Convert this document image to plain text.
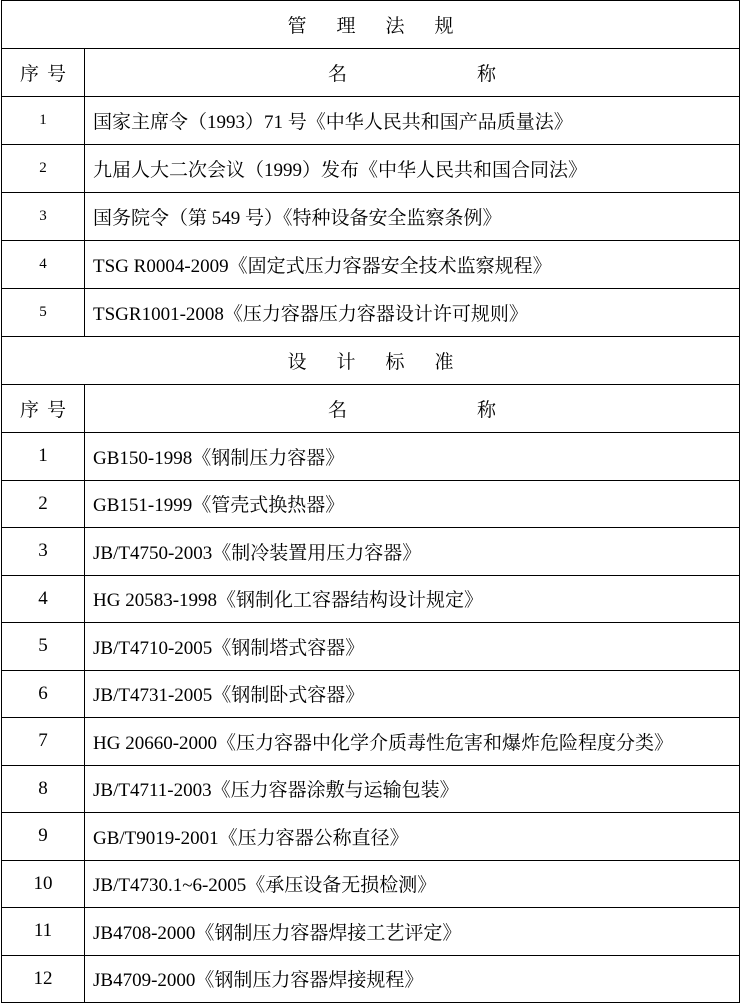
管理法规	
序号	名 称
1	国家主席令（1993）71 号《中华人民共和国产品质量法》
2	九届人大二次会议（1999）发布《中华人民共和国合同法》
3	国务院令（第 549 号）《特种设备安全监察条例》
4	TSG R0004-2009《固定式压力容器安全技术监察规程》
5	TSGR1001-2008《压力容器压力容器设计许可规则》
设计标准	
序号	名 称
1	GB150-1998《钢制压力容器》
2	GB151-1999《管壳式换热器》
3	JB/T4750-2003《制冷装置用压力容器》
4	HG 20583-1998《钢制化工容器结构设计规定》
5	JB/T4710-2005《钢制塔式容器》
6	JB/T4731-2005《钢制卧式容器》
7	HG 20660-2000《压力容器中化学介质毒性危害和爆炸危险程度分类》
8	JB/T4711-2003《压力容器涂敷与运输包装》
9	GB/T9019-2001《压力容器公称直径》
10	JB/T4730.1~6-2005《承压设备无损检测》
11	JB4708-2000《钢制压力容器焊接工艺评定》
12	JB4709-2000《钢制压力容器焊接规程》
